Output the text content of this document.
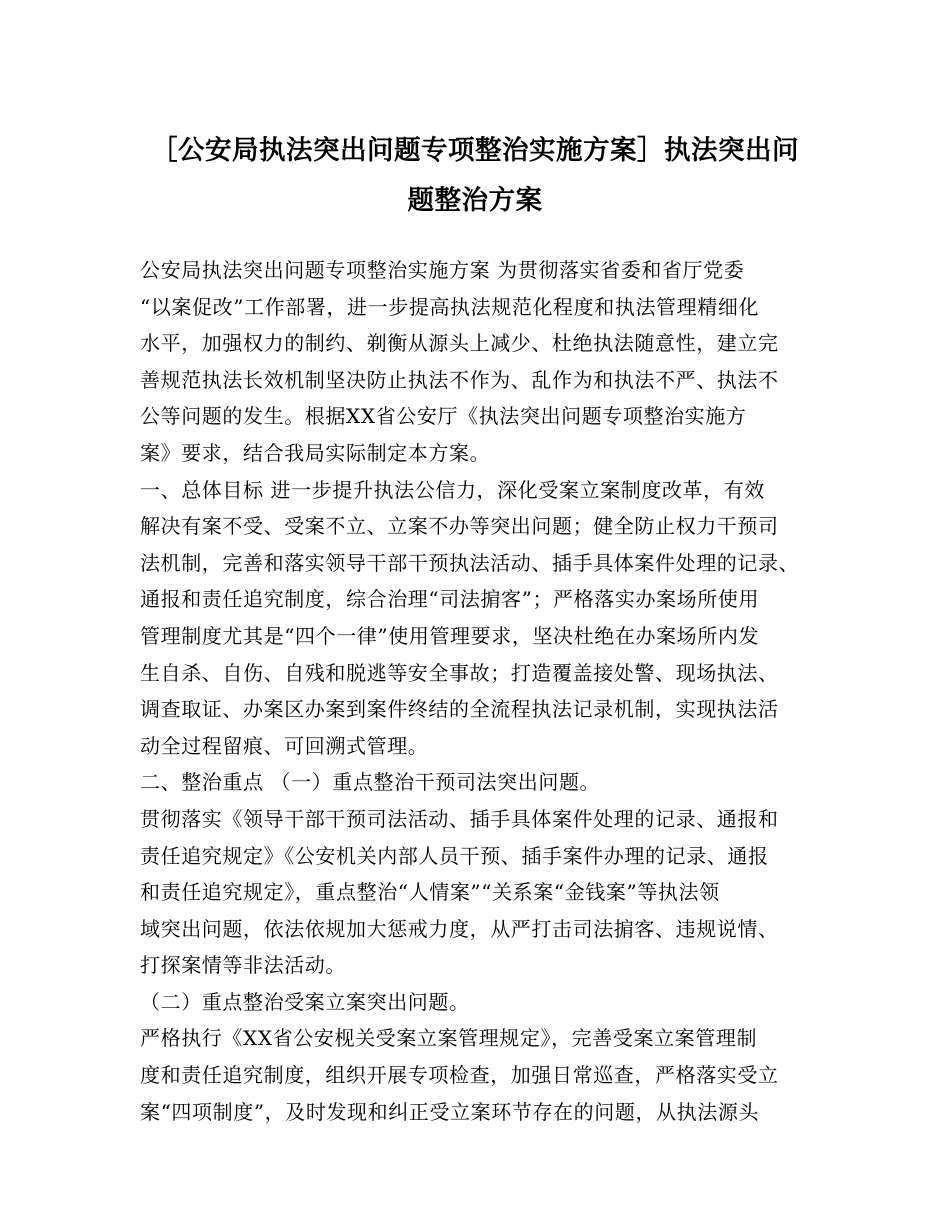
［公安局执法突出问题专项整治实施方案］执法突出问
题整治方案

公安局执法突出问题专项整治实施方案 为贯彻落实省委和省厅党委

“以案促改”工作部署，进一步提高执法规范化程度和执法管理精细化

水平，加强权力的制约、剃衡从源头上减少、杜绝执法随意性，建立完

善规范执法长效机制坚决防止执法不作为、乱作为和执法不严、执法不

公等问题的发生。根据XX省公安厅《执法突出问题专项整治实施方

案》要求，结合我局实际制定本方案。

一、总体目标 进一步提升执法公信力，深化受案立案制度改革，有效

解决有案不受、受案不立、立案不办等突出问题；健全防止权力干预司

法机制，完善和落实领导干部干预执法活动、插手具体案件处理的记录、

通报和责任追究制度，综合治理“司法掮客”；严格落实办案场所使用

管理制度尤其是“四个一律”使用管理要求，坚决杜绝在办案场所内发

生自杀、自伤、自残和脱逃等安全事故；打造覆盖接处警、现场执法、

调查取证、办案区办案到案件终结的全流程执法记录机制，实现执法活

动全过程留痕、可回溯式管理。

二、整治重点 （一）重点整治干预司法突出问题。

贯彻落实《领导干部干预司法活动、插手具体案件处理的记录、通报和

责任追究规定》《公安机关内部人员干预、插手案件办理的记录、通报

和责任追究规定》，重点整治“人情案”“关系案“金钱案”等执法领

域突出问题，依法依规加大惩戒力度，从严打击司法掮客、违规说情、

打探案情等非法活动。

（二）重点整治受案立案突出问题。

严格执行《XX省公安枧关受案立案管理规定》，完善受案立案管理制

度和责任追究制度，组织开展专项检查，加强日常巡查，严格落实受立

案“四项制度”，及时发现和纠正受立案环节存在的问题，从执法源头
